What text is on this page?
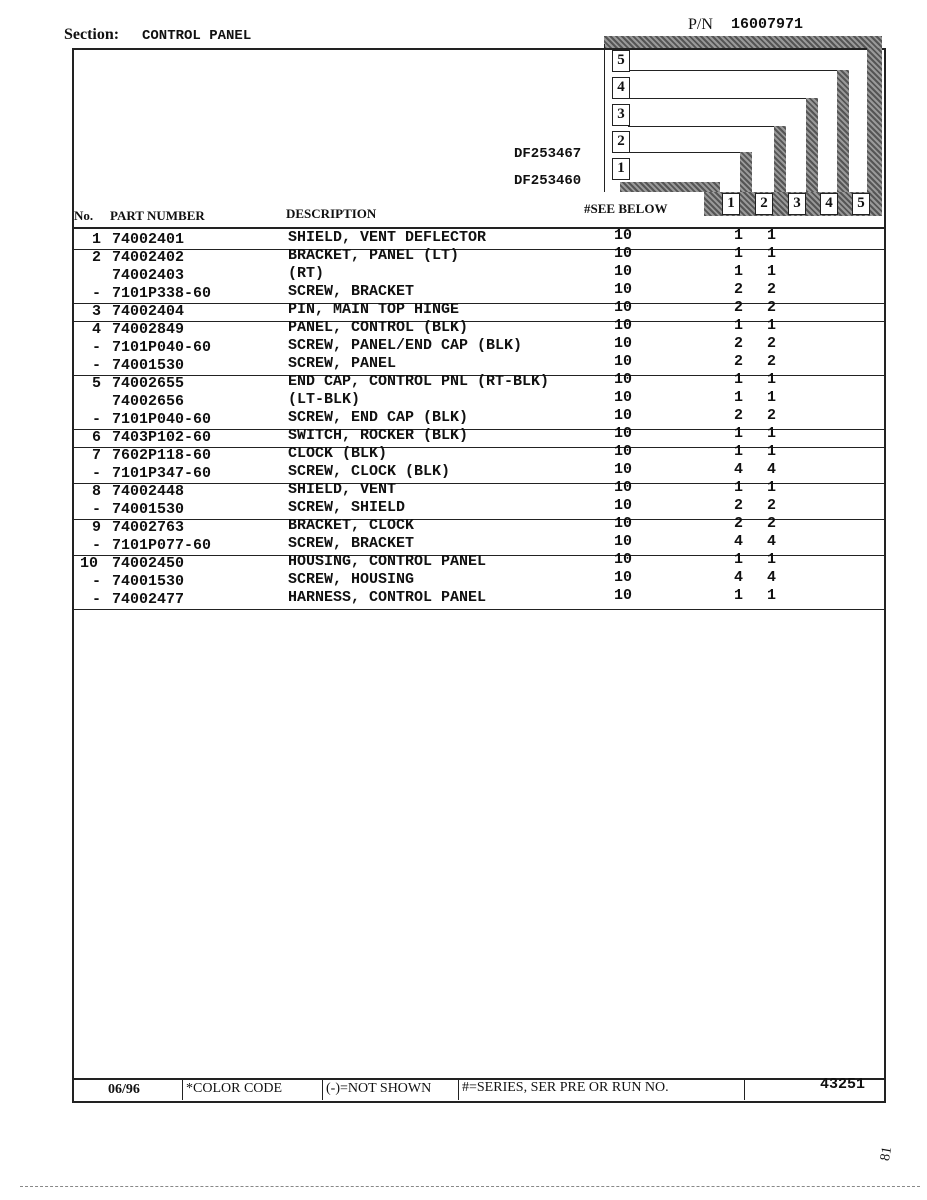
Section: CONTROL PANEL
P/N 16007971
5
4
3
2
1
DF253467
DF253460
1	2	3	4	5
No. PART NUMBER	DESCRIPTION	#SEE BELOW
1 74002401	SHIELD, VENT DEFLECTOR	10	1 1
2 74002402	BRACKET, PANEL (LT)	10	1 1
74002403	(RT)	10	1 1
- 7101P338-60	SCREW, BRACKET	10	2 2
3 74002404	PIN, MAIN TOP HINGE	10	2 2
4 74002849	PANEL, CONTROL (BLK)	10	1 1
- 7101P040-60	SCREW, PANEL/END CAP (BLK)	10	2 2
- 74001530	SCREW, PANEL	10	2 2
5 74002655	END CAP, CONTROL PNL (RT-BLK)	10	1 1
74002656	(LT-BLK)	10	1 1
- 7101P040-60	SCREW, END CAP (BLK)	10	2 2
6 7403P102-60	SWITCH, ROCKER (BLK)	10	1 1
7 7602P118-60	CLOCK (BLK)	10	1 1
- 7101P347-60	SCREW, CLOCK (BLK)	10	4 4
8 74002448	SHIELD, VENT	10	1 1
- 74001530	SCREW, SHIELD	10	2 2
9 74002763	BRACKET, CLOCK	10	2 2
- 7101P077-60	SCREW, BRACKET	10	4 4
10 74002450	HOUSING, CONTROL PANEL	10	1 1
- 74001530	SCREW, HOUSING	10	4 4
- 74002477	HARNESS, CONTROL PANEL	10	1 1
06/96	*COLOR CODE	(-)=NOT SHOWN #=SERIES, SER PRE OR RUN NO.	43251
81
